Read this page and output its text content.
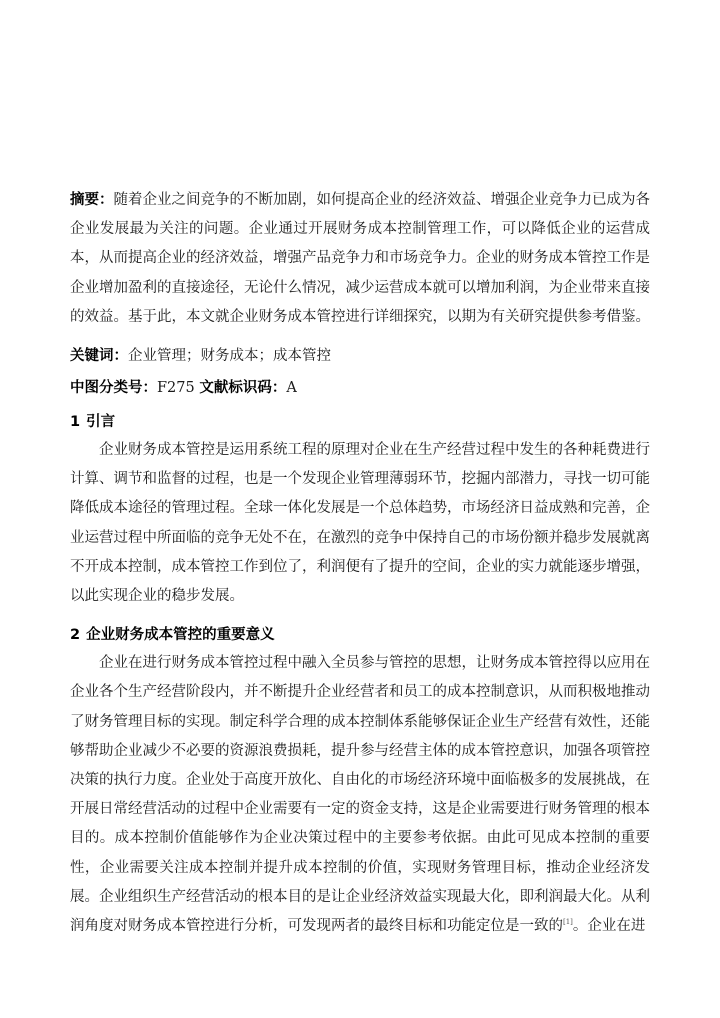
摘要：随着企业之间竞争的不断加剧，如何提高企业的经济效益、增强企业竞争力已成为各企业发展最为关注的问题。企业通过开展财务成本控制管理工作，可以降低企业的运营成本，从而提高企业的经济效益，增强产品竞争力和市场竞争力。企业的财务成本管控工作是企业增加盈利的直接途径，无论什么情况，减少运营成本就可以增加利润，为企业带来直接的效益。基于此，本文就企业财务成本管控进行详细探究，以期为有关研究提供参考借鉴。

关键词：企业管理；财务成本；成本管控

中图分类号：F275 文献标识码：A

1 引言

企业财务成本管控是运用系统工程的原理对企业在生产经营过程中发生的各种耗费进行计算、调节和监督的过程，也是一个发现企业管理薄弱环节，挖掘内部潜力，寻找一切可能降低成本途径的管理过程。全球一体化发展是一个总体趋势，市场经济日益成熟和完善，企业运营过程中所面临的竞争无处不在，在激烈的竞争中保持自己的市场份额并稳步发展就离不开成本控制，成本管控工作到位了，利润便有了提升的空间，企业的实力就能逐步增强，以此实现企业的稳步发展。

2 企业财务成本管控的重要意义

企业在进行财务成本管控过程中融入全员参与管控的思想，让财务成本管控得以应用在企业各个生产经营阶段内，并不断提升企业经营者和员工的成本控制意识，从而积极地推动了财务管理目标的实现。制定科学合理的成本控制体系能够保证企业生产经营有效性，还能够帮助企业减少不必要的资源浪费损耗，提升参与经营主体的成本管控意识，加强各项管控决策的执行力度。企业处于高度开放化、自由化的市场经济环境中面临极多的发展挑战，在开展日常经营活动的过程中企业需要有一定的资金支持，这是企业需要进行财务管理的根本目的。成本控制价值能够作为企业决策过程中的主要参考依据。由此可见成本控制的重要性，企业需要关注成本控制并提升成本控制的价值，实现财务管理目标，推动企业经济发展。企业组织生产经营活动的根本目的是让企业经济效益实现最大化，即利润最大化。从利润角度对财务成本管控进行分析，可发现两者的最终目标和功能定位是一致的[1]。企业在进
